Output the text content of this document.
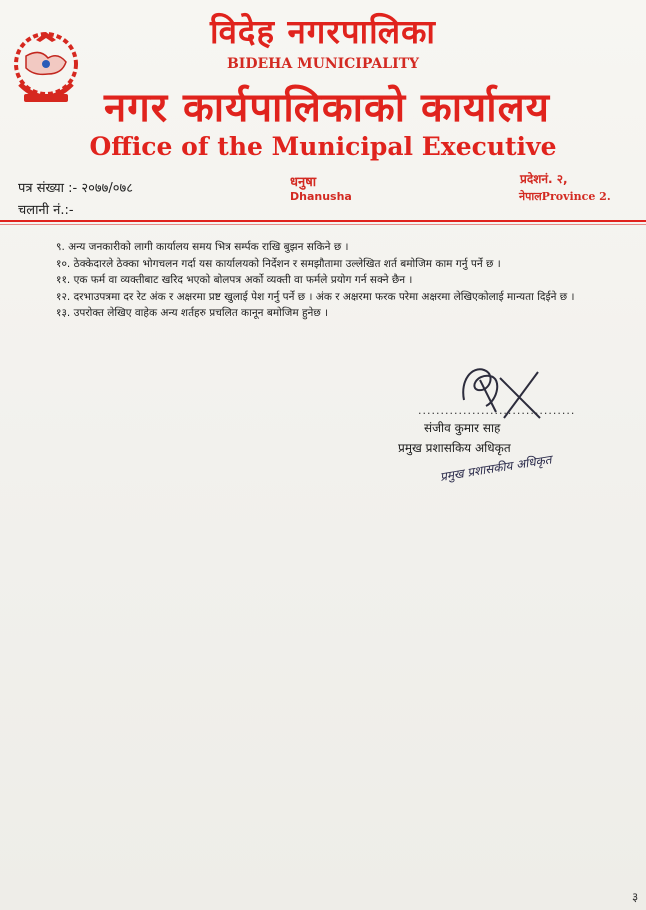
विदेह नगरपालिका
BIDEHA MUNICIPALITY
नगर कार्यपालिकाको कार्यालय
Office of the Municipal Executive
धनुषा
Dhanusha
प्रदेशनं. २,
नेपालProvince 2.
पत्र संख्या :- २०७७/०७८
चलानी नं.:-
९. अन्य जनकारीको लागी कार्यालय समय भित्र सर्म्पक राखि बुझन सकिने छ ।
१०. ठेक्केदारले ठेक्का भोगचलन गर्दा यस कार्यालयको निर्देशन र समझौतामा उल्लेखित शर्त बमोजिम काम गर्नु पर्ने छ ।
११. एक फर्म वा व्यक्तीबाट खरिद भएको बोलपत्र अर्को व्यक्ती वा फर्मले प्रयोग गर्न सक्ने छैन ।
१२. दरभाउपत्रमा दर रेट अंक र अक्षरमा प्रष्ट खुलाई पेश गर्नु पर्ने छ । अंक र अक्षरमा फरक परेमा अक्षरमा लेखिएकोलाई मान्यता दिईने छ ।
१३. उपरोक्त लेखिए वाहेक अन्य शर्तहरु प्रचलित कानून बमोजिम हुनेछ ।
...................................
संजीव कुमार साह
प्रमुख प्रशासकिय अधिकृत
प्रमुख प्रशासकीय अधिकृत
३
